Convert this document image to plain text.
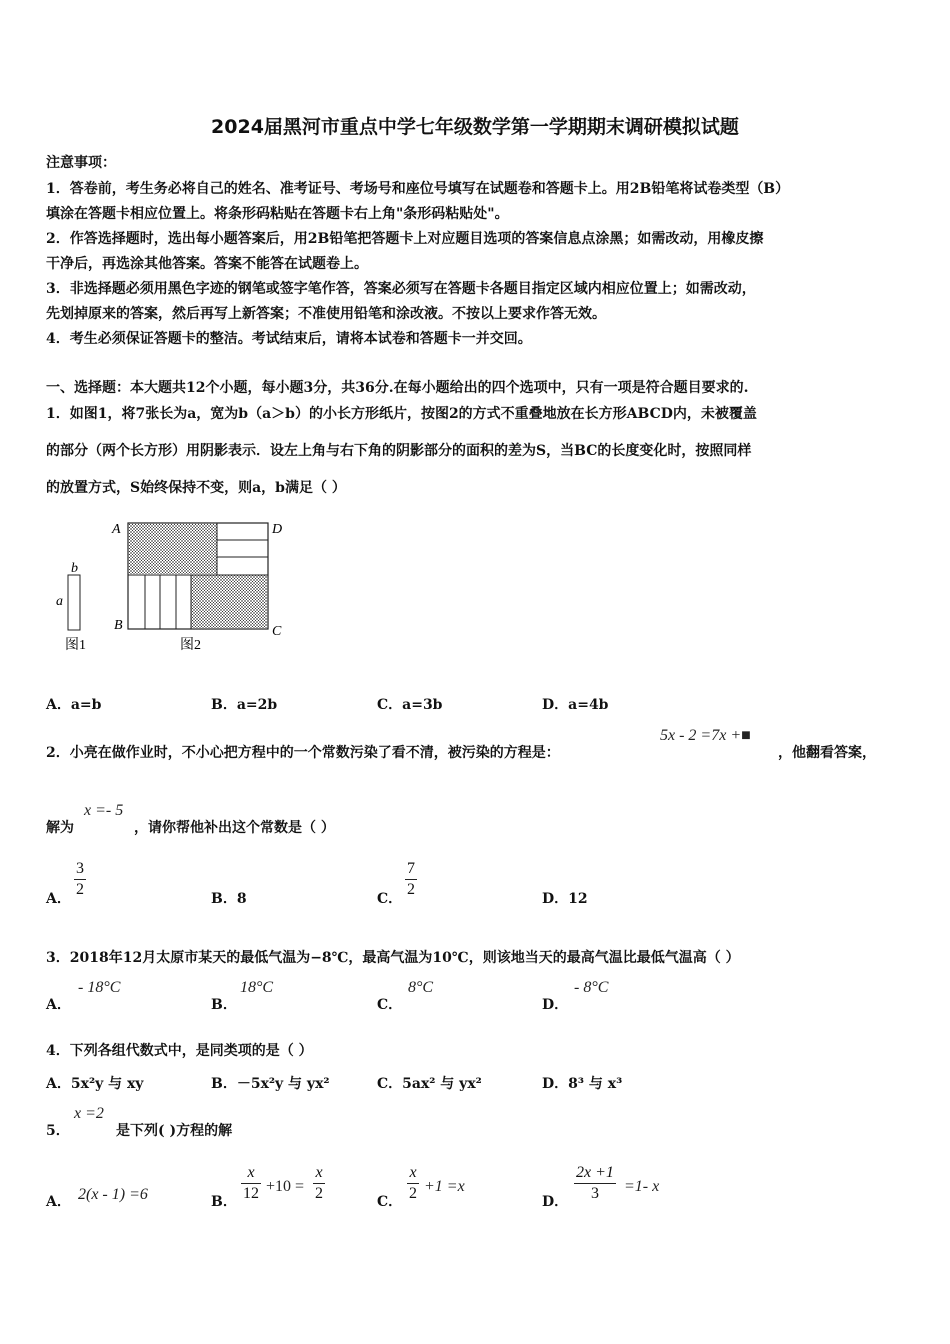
2024届黑河市重点中学七年级数学第一学期期末调研模拟试题
注意事项：
1．答卷前，考生务必将自己的姓名、准考证号、考场号和座位号填写在试题卷和答题卡上。用2B铅笔将试卷类型（B）
填涂在答题卡相应位置上。将条形码粘贴在答题卡右上角"条形码粘贴处"。
2．作答选择题时，选出每小题答案后，用2B铅笔把答题卡上对应题目选项的答案信息点涂黑；如需改动，用橡皮擦
干净后，再选涂其他答案。答案不能答在试题卷上。
3．非选择题必须用黑色字迹的钢笔或签字笔作答，答案必须写在答题卡各题目指定区域内相应位置上；如需改动，
先划掉原来的答案，然后再写上新答案；不准使用铅笔和涂改液。不按以上要求作答无效。
4．考生必须保证答题卡的整洁。考试结束后，请将本试卷和答题卡一并交回。
一、选择题：本大题共12个小题，每小题3分，共36分.在每小题给出的四个选项中，只有一项是符合题目要求的.
1．如图1，将7张长为a，宽为b（a＞b）的小长方形纸片，按图2的方式不重叠地放在长方形ABCD内，未被覆盖
的部分（两个长方形）用阴影表示．设左上角与右下角的阴影部分的面积的差为S，当BC的长度变化时，按照同样
的放置方式，S始终保持不变，则a，b满足（ ）
b
a
A	D
B	C
图1	图2
A．a=b	B．a=2b	C．a=3b	D．a=4b
2．小亮在做作业时，不小心把方程中的一个常数污染了看不清，被污染的方程是：
5x - 2 =7x +■
，他翻看答案，
解为
x =- 5
，请你帮他补出这个常数是（ ）
A．
3
2
B．8	C．
7
2
D．12
3．2018年12月太原市某天的最低气温为−8℃，最高气温为10℃，则该地当天的最高气温比最低气温高（ ）
A．
- 18°C
B．
18°C
C．
8°C
D．
- 8°C
4．下列各组代数式中，是同类项的是（ ）
A．5x²y 与 xy	B．－5x²y 与 yx²	C．5ax² 与 yx²	D．8³ 与 x³
5．
x =2
是下列( )方程的解
A． 2(x - 1) =6	B．
x
12 +10 =
x
2	C．
x
2 +1 =x
D．
2x +1
3	=1- x
